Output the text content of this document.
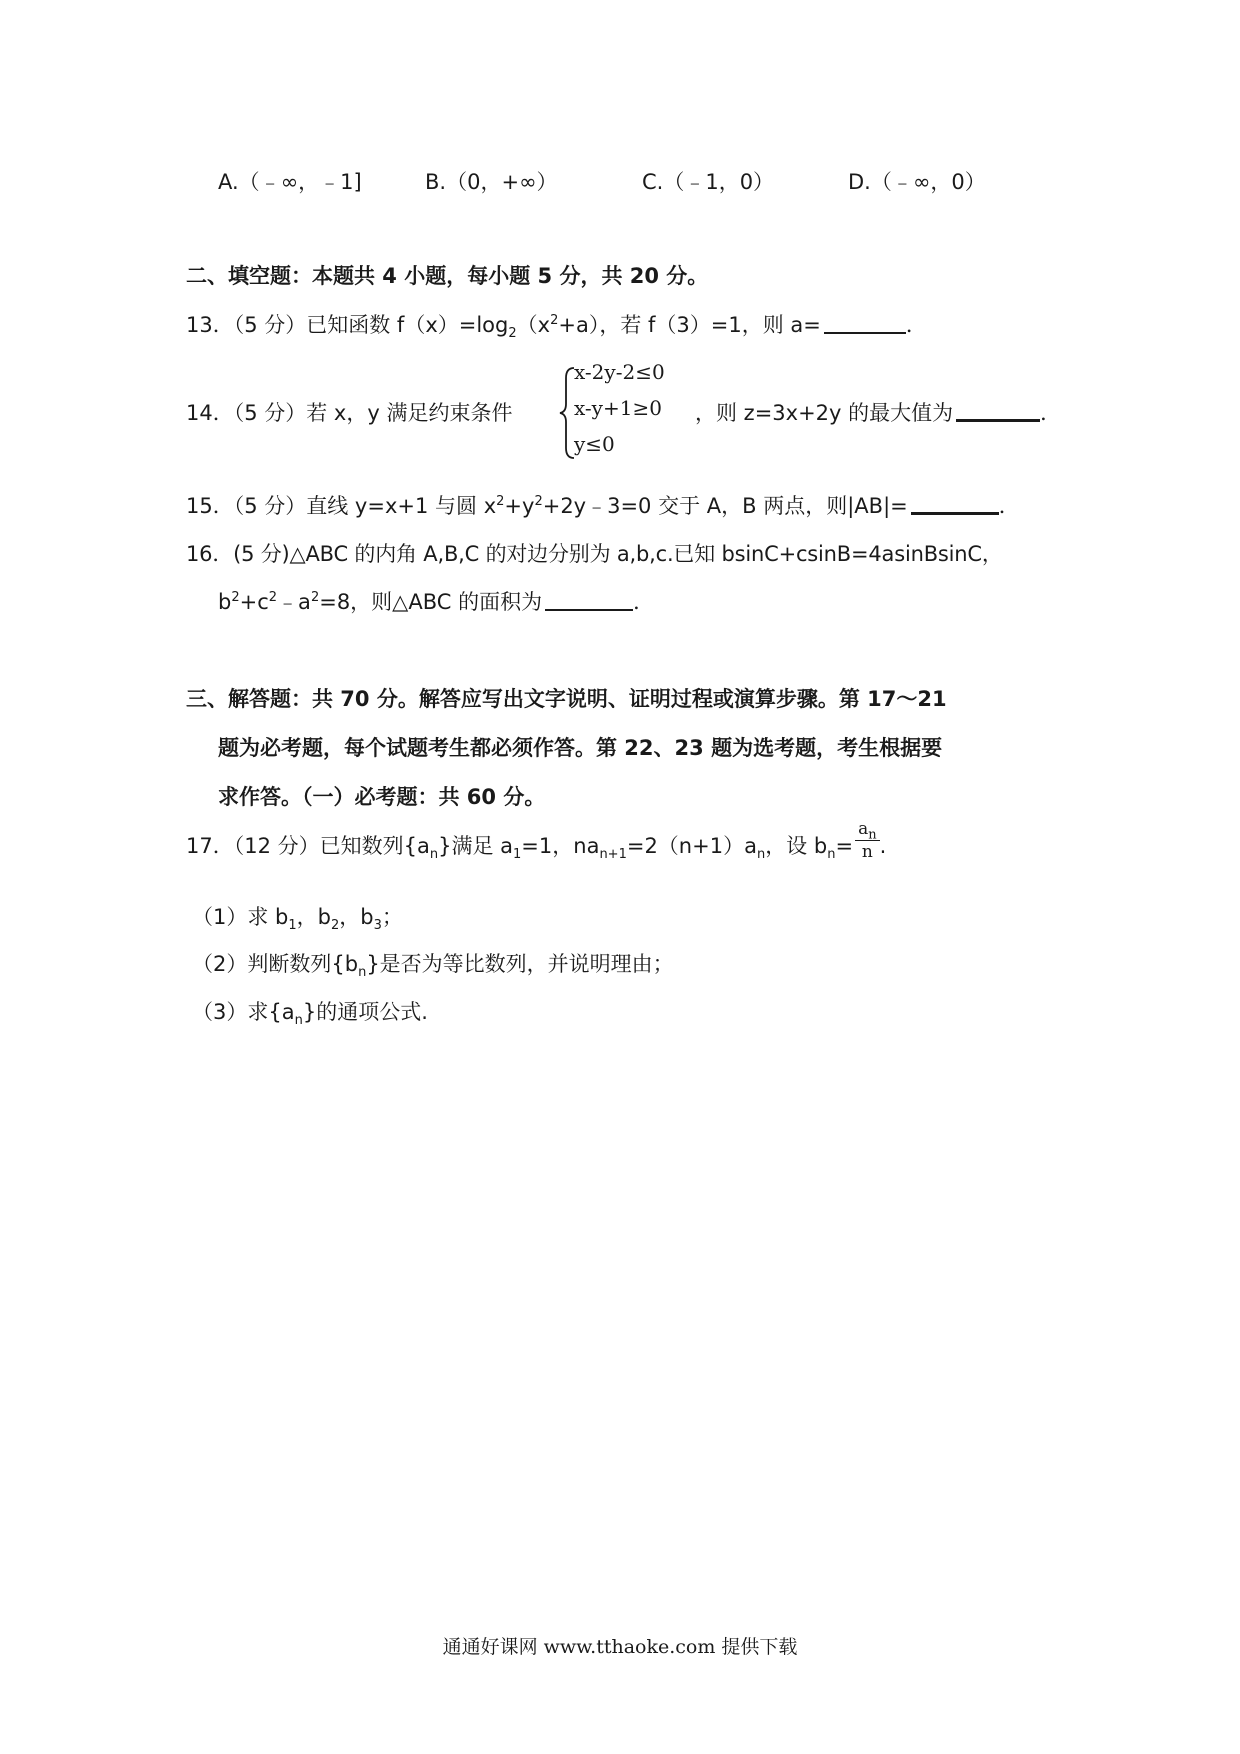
A.（﹣∞，﹣1]	B.（0，+∞）	C.（﹣1，0）	D.（﹣∞，0）
二、填空题：本题共 4 小题，每小题 5 分，共 20 分。
13．（5 分）已知函数 $f(x)=\log_2(x^2+a)$，若 f（3）=1，则 a=	．
14．（5 分）若 x，y 满足约束条件
x-2y-2≤0
x-y+1≥0
y≤0
，则 z=3x+2y 的最大值为	．
15．（5 分）直线 y=x+1 与圆 $x^2+y^2+2y﹣3=0$ 交于 A，B 两点，则|AB|=	．
16．(5 分)△ABC 的内角 A,B,C 的对边分别为 a,b,c.已知 bsinC+csinB=4asinBsinC，
$b^2+c^2﹣a^2=8$，则△ABC 的面积为	．
三、解答题：共 70 分。解答应写出文字说明、证明过程或演算步骤。第 17～21
题为必考题，每个试题考生都必须作答。第 22、23 题为选考题，考生根据要
求作答。（一）必考题：共 60 分。
17．（12 分）已知数列$\{a_n\}$满足 $a_1=1$，$na_{n+1}=2(n+1)a_n$，设 $b_n= \frac{a_n}{n}$ .
（1）求 $b_1$，$b_2$，$b_3$；
（2）判断数列$\{b_n\}$是否为等比数列，并说明理由；
（3）求$\{a_n\}$的通项公式.
通通好课网 www.tthaoke.com 提供下载
